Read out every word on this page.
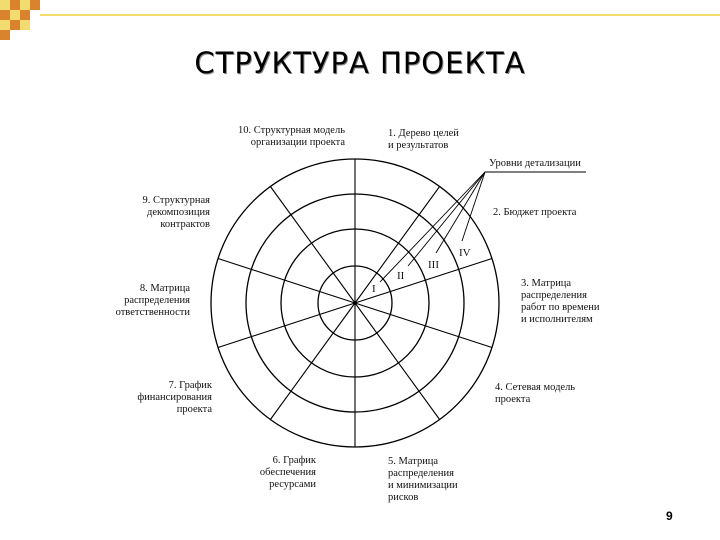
СТРУКТУРА ПРОЕКТА
I
II
III
IV
Уровни детализации
1. Дерево целей
и результатов
2. Бюджет проекта
3. Матрица
распределения
работ по времени
и исполнителям
4. Сетевая модель
проекта
5. Матрица
распределения
и минимизации
рисков
6. График
обеспечения
ресурсами
7. График
финансирования
проекта
8. Матрица
распределения
ответственности
9. Структурная
декомпозиция
контрактов
10. Структурная модель
организации проекта
9
